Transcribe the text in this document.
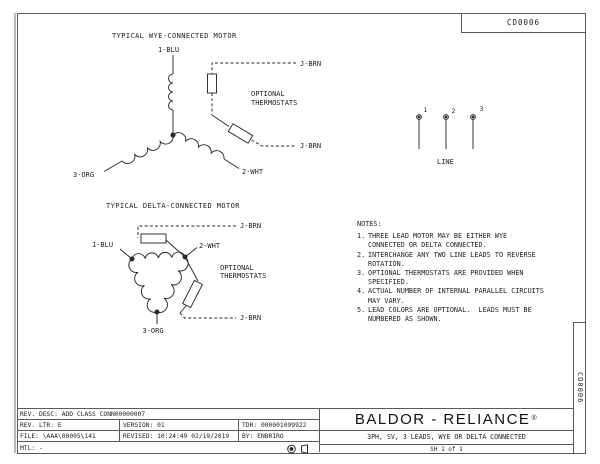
CD0006
TYPICAL WYE-CONNECTED MOTOR
1-BLU
3-ORG	2-WHT
J-BRN
J-BRN
OPTIONAL THERMOSTATS
TYPICAL DELTA-CONNECTED MOTOR
1-BLU	2-WHT
3-ORG
J-BRN
J-BRN
OPTIONAL THERMOSTATS
1	2	3
LINE
NOTES:
1. THREE LEAD MOTOR MAY BE EITHER WYE CONNECTED OR DELTA CONNECTED.
2. INTERCHANGE ANY TWO LINE LEADS TO REVERSE ROTATION.
3. OPTIONAL THERMOSTATS ARE PROVIDED WHEN SPECIFIED.
4. ACTUAL NUMBER OF INTERNAL PARALLEL CIRCUITS MAY VARY.
5. LEAD COLORS ARE OPTIONAL.  LEADS MUST BE NUMBERED AS SHOWN.
REV. DESC: ADD CLASS CONN00000007
REV. LTR: E	VERSION: 01	TDR: 000001099922
FILE: \AAA\00005\141	REVISED: 10:24:49 02/19/2019	BY: ENBRIRO
MTL: -
BALDOR - RELIANCE ®
3PH, SV, 3 LEADS, WYE OR DELTA CONNECTED
SH 1 of 1
CD0006
